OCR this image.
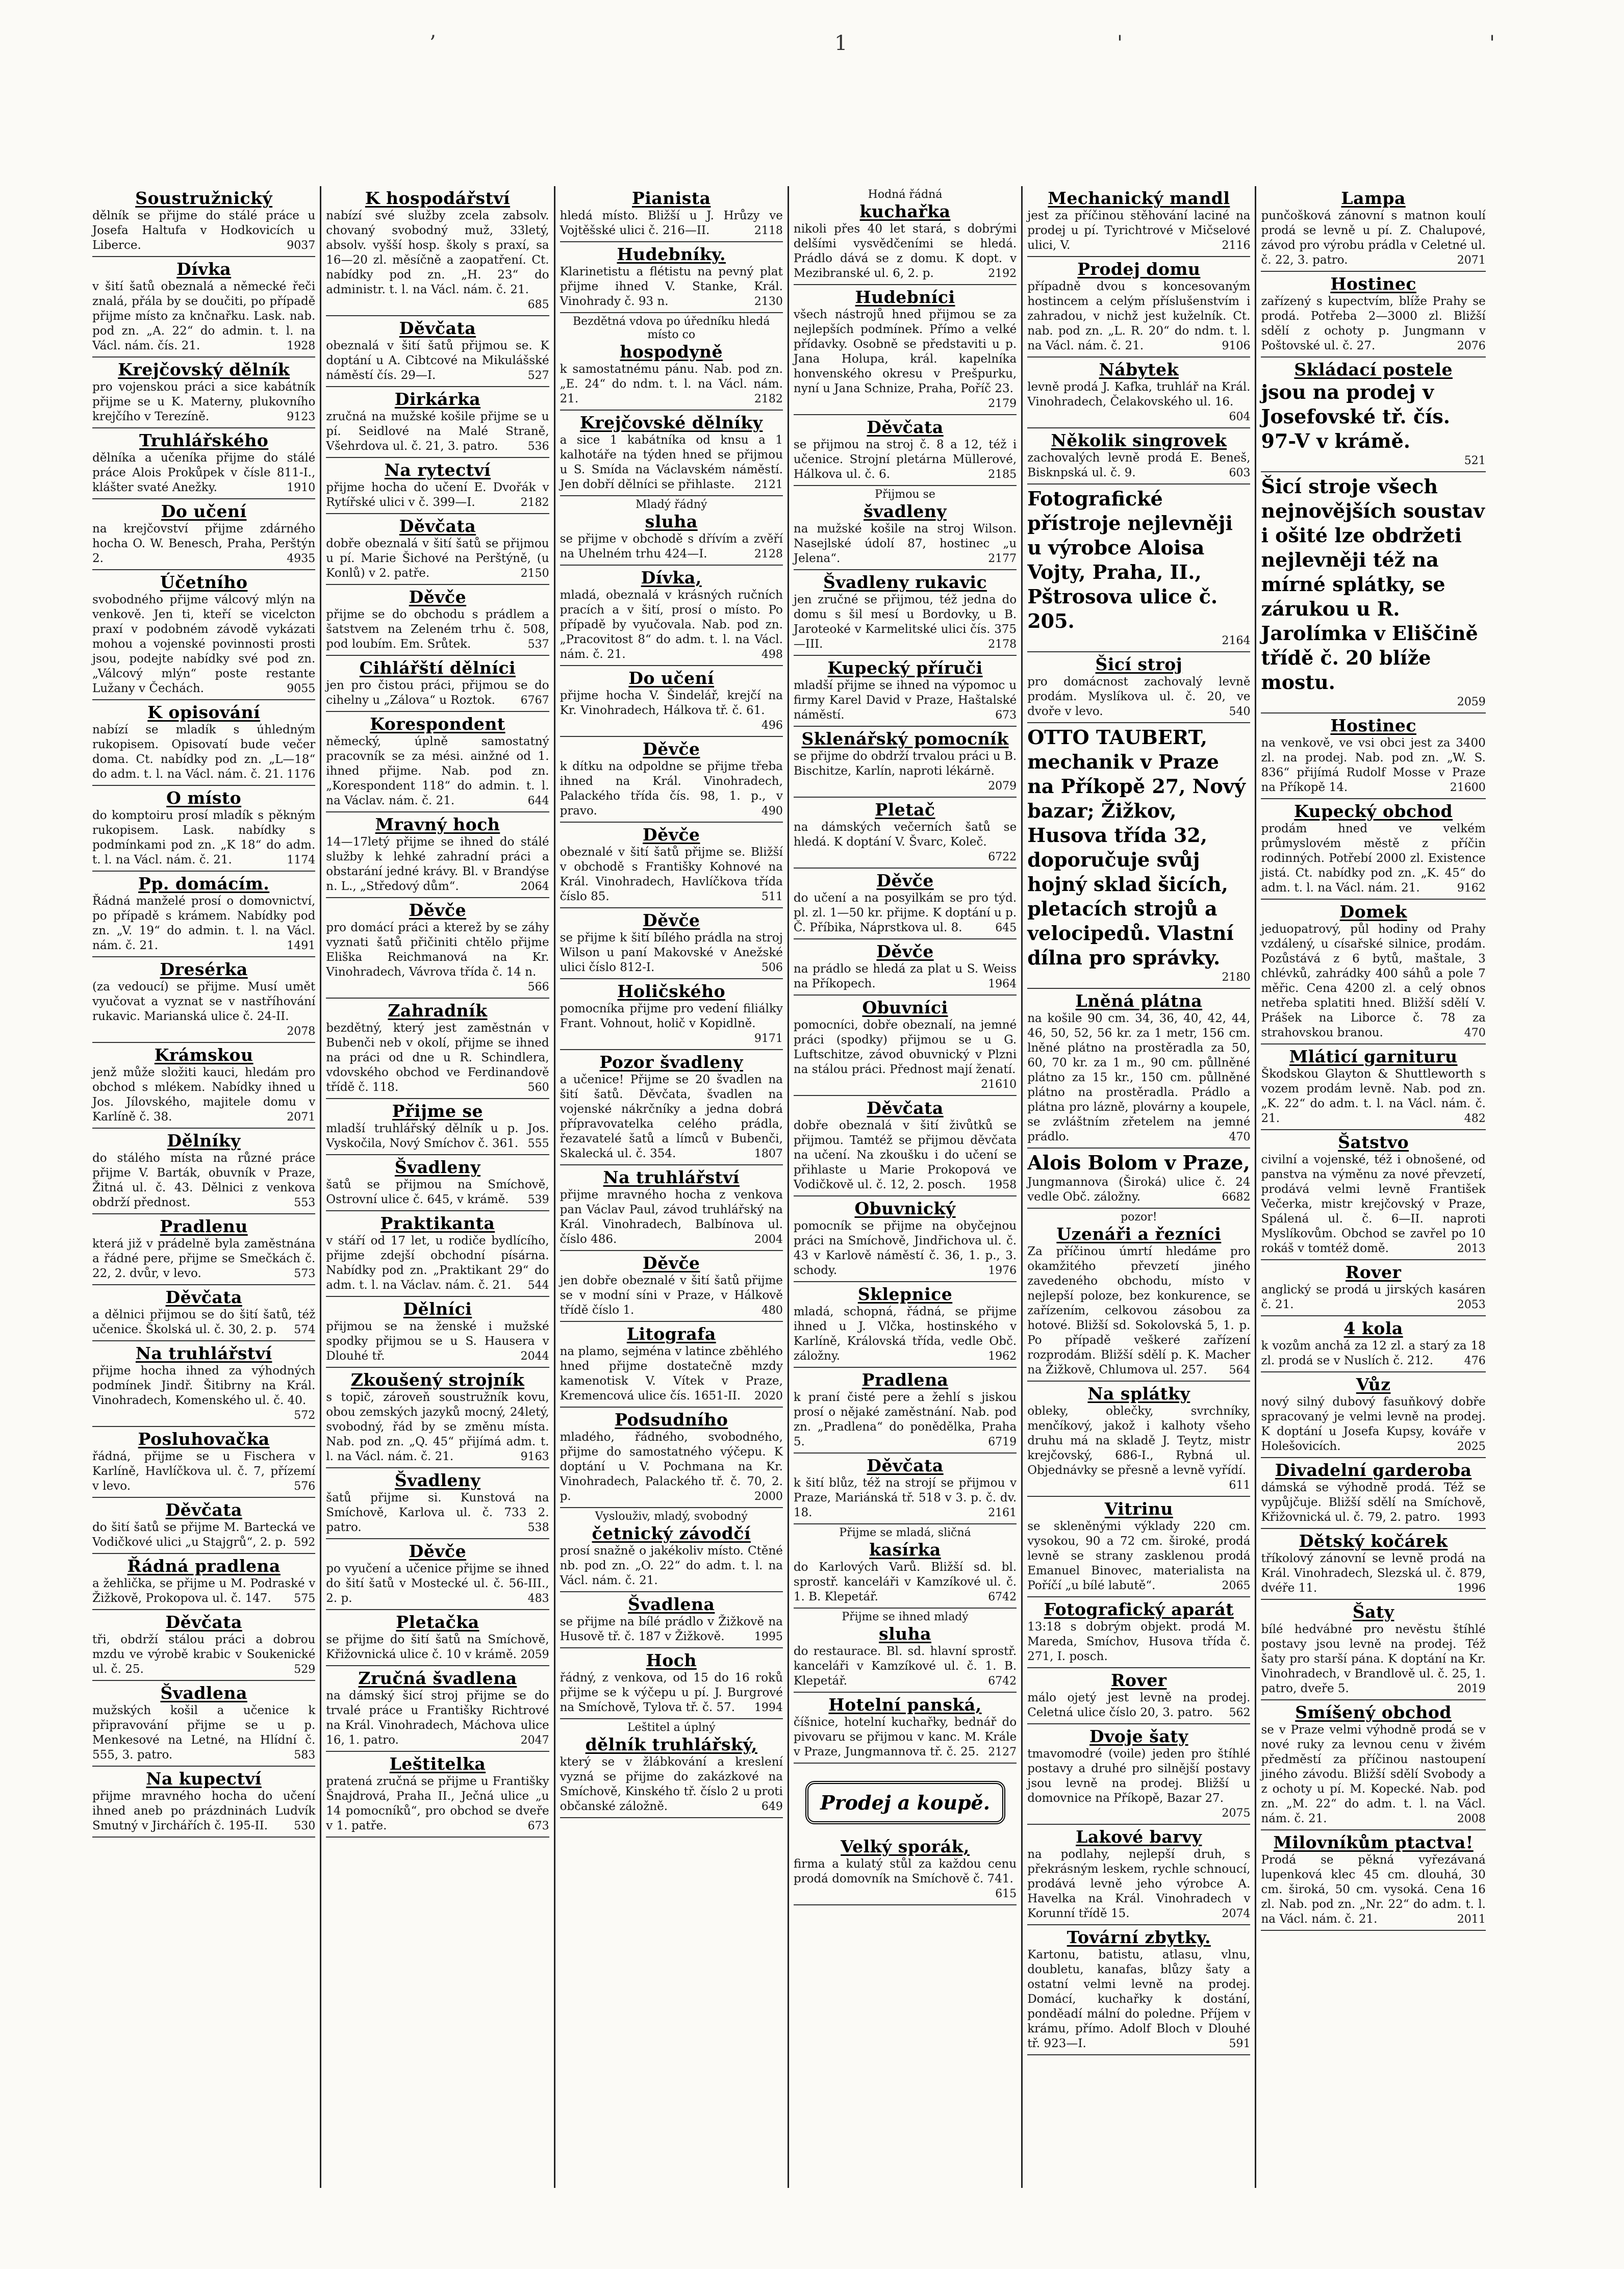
’	1	'	'
Soustružnický
dělník se přijme do stálé práce u Josefa Haltufa v Hodkovicích u Liberce.	9037
Dívka
v šití šatů obeznalá a německé řeči znalá, přála by se doučiti, po případě přijme místo za knčnařku. Lask. nab. pod zn. „A. 22“ do admin. t. l. na Václ. nám. čís. 21.	1928
Krejčovský dělník
pro vojenskou práci a sice kabátník přijme se u K. Materny, plukovního krejčího v Terezíně.	9123
Truhlářského
dělníka a učeníka přijme do stálé práce Alois Prokůpek v čísle 811-I., klášter svaté Anežky.	1910
Do učení
na krejčovství přijme zdárného hocha O. W. Benesch, Praha, Perštýn 2.	4935
Účetního
svobodného přijme válcový mlýn na venkově. Jen ti, kteří se vicelcton praxí v podobném závodě vykázati mohou a vojenské povinnosti prosti jsou, podejte nabídky své pod zn. „Válcový mlýn“ poste restante Lužany v Čechách.	9055
K opisování
nabízí se mladík s úhledným rukopisem. Opisovatí bude večer doma. Ct. nabídky pod zn. „L—18“ do adm. t. l. na Václ. nám. č. 21. 1176
O místo
do komptoiru prosí mladík s pěkným rukopisem. Lask. nabídky s podmínkami pod zn. „K 18“ do adm. t. l. na Václ. nám. č. 21.	1174
Pp. domácím.
Řádná manželé prosí o domovnictví, po případě s krámem. Nabídky pod zn. „V. 19“ do admin. t. l. na Václ. nám. č. 21.	1491
Dresérka
(za vedoucí) se přijme. Musí umět vyučovat a vyznat se v nastříhování rukavic. Marianská ulice č. 24-II.
2078
Krámskou
jenž může složiti kauci, hledám pro obchod s mlékem. Nabídky ihned u Jos. Jílovského, majitele domu v Karlíně č. 38.	2071
Dělníky
do stálého místa na různé práce přijme V. Barták, obuvník v Praze, Žitná ul. č. 43. Dělnici z venkova obdrží přednost.	553
Pradlenu
která již v prádelně byla zaměstnána a řádné pere, přijme se Smečkách č. 22, 2. dvůr, v levo.	573
Děvčata
a dělnici přijmou se do šití šatů, též učenice. Školská ul. č. 30, 2. p. 574
Na truhlářství
přijme hocha ihned za výhodných podmínek Jindř. Šitibrny na Král. Vinohradech, Komenského ul. č. 40.
572
Posluhovačka
řádná, přijme se u Fischera v Karlíně, Havlíčkova ul. č. 7, přízemí v levo.	576
Děvčata
do šití šatů se přijme M. Bartecká ve Vodičkové ulici „u Stajgrů“, 2. p. 592
Řádná pradlena
a žehlička, se přijme u M. Podraské v Žižkově, Prokopova ul. č. 147. 575
Děvčata
tři, obdrží stálou práci a dobrou mzdu ve výrobě krabic v Soukenické ul. č. 25.	529
Švadlena
mužských košil a učenice k připravování přijme se u p. Menkesové na Letné, na Hlídní č. 555, 3. patro.	583
Na kupectví
přijme mravného hocha do učení ihned aneb po prázdninách Ludvík Smutný v Jirchářích č. 195-II. 530
K hospodářství
nabízí své služby zcela zabsolv. chovaný svobodný muž, 33letý, absolv. vyšší hosp. školy s praxí, sa 16—20 zl. měsíčně a zaopatření. Ct. nabídky pod zn. „H. 23“ do administr. t. l. na Václ. nám. č. 21.
685
Děvčata
obeznalá v šití šatů přijmou se. K doptání u A. Cibtcové na Mikulášské náměstí čís. 29—I.	527
Dirkárka
zručná na mužské košile přijme se u pí. Seidlové na Malé Straně, Všehrdova ul. č. 21, 3. patro.	536
Na rytectví
přijme hocha do učení E. Dvořák v Rytířské ulici v č. 399—I.	2182
Děvčata
dobře obeznalá v šití šatů se přijmou u pí. Marie Šichové na Perštýně, (u Konlů) v 2. patře.	2150
Děvče
přijme se do obchodu s prádlem a šatstvem na Zeleném trhu č. 508, pod loubím. Em. Srůtek.	537
Cihlářští dělníci
jen pro čistou práci, přijmou se do cihelny u „Zálova“ u Roztok. 6767
Korespondent
německý, úplně samostatný pracovník se za mési. ainžné od 1. ihned přijme. Nab. pod zn. „Korespondent 118“ do admin. t. l. na Václav. nám. č. 21.	644
Mravný hoch
14—17letý přijme se ihned do stálé služby k lehké zahradní práci a obstarání jedné krávy. Bl. v Brandýse n. L., „Středový dům“.	2064
Děvče
pro domácí práci a kterež by se záhy vyznati šatů přičiniti chtělo přijme Eliška Reichmanová na Kr. Vinohradech, Vávrova třída č. 14 n.
566
Zahradník
bezdětný, který jest zaměstnán v Bubenči neb v okolí, přijme se ihned na práci od dne u R. Schindlera, vdovského obchod ve Ferdinandově třídě č. 118.	560
Přijme se
mladší truhlářský dělník u p. Jos. Vyskočila, Nový Smíchov č. 361. 555
Švadleny
šatů se přijmou na Smíchově, Ostrovní ulice č. 645, v krámě. 539
Praktikanta
v stáří od 17 let, u rodiče bydlícího, přijme zdejší obchodní písárna. Nabídky pod zn. „Praktikant 29“ do adm. t. l. na Václav. nám. č. 21. 544
Dělníci
přijmou se na ženské i mužské spodky přijmou se u S. Hausera v Dlouhé tř.	2044
Zkoušený strojník
s topič, zároveň soustružník kovu, obou zemských jazyků mocný, 24letý, svobodný, řád by se změnu místa. Nab. pod zn. „Q. 45“ přijímá adm. t. l. na Václ. nám. č. 21.	9163
Švadleny
šatů přijme si. Kunstová na Smíchově, Karlova ul. č. 733 2. patro.	538
Děvče
po vyučení a učenice přijme se ihned do šití šatů v Mostecké ul. č. 56-III., 2. p.	483
Pletačka
se přijme do šití šatů na Smíchově, Křižovnická ulice č. 10 v krámě. 2059
Zručná švadlena
na dámský šicí stroj přijme se do trvalé práce u Františky Richtrové na Král. Vinohradech, Máchova ulice 16, 1. patro.	2047
Leštitelka
pratená zručná se přijme u Františky Šnajdrová, Praha II., Ječná ulice „u 14 pomocníků“, pro obchod se dveře v 1. patře.	673
Pianista
hledá místo. Bližší u J. Hrůzy ve Vojtěšské ulici č. 216—II.	2118
Hudebníky.
Klarinetistu a flétistu na pevný plat přijme ihned V. Stanke, Král. Vinohrady č. 93 n.	2130
Bezdětná vdova po úředníku hledá místo co
hospodyně
k samostatnému pánu. Nab. pod zn. „E. 24“ do ndm. t. l. na Václ. nám. 21.	2182
Krejčovské dělníky
a sice 1 kabátníka od knsu a 1 kalhotáře na týden hned se přijmou u S. Smída na Václavském náměstí. Jen dobří dělníci se přihlaste. 2121
Mladý řádný
sluha
se přijme v obchodě s dřívím a zvěří na Uhelném trhu 424—I.	2128
Dívka,
mladá, obeznalá v krásných ručních pracích a v šití, prosí o místo. Po případě by vyučovala. Nab. pod zn. „Pracovitost 8“ do adm. t. l. na Václ. nám. č. 21.	498
Do učení
přijme hocha V. Šindelář, krejčí na Kr. Vinohradech, Hálkova tř. č. 61.
496
Děvče
k dítku na odpoldne se přijme třeba ihned na Král. Vinohradech, Palackého třída čís. 98, 1. p., v pravo.	490
Děvče
obeznalé v šití šatů přijme se. Bližší v obchodě s Františky Kohnové na Král. Vinohradech, Havlíčkova třída číslo 85.	511
Děvče
se přijme k šití bílého prádla na stroj Wilson u paní Makovské v Anežské ulici číslo 812-I.	506
Holičského
pomocníka přijme pro vedení filiálky Frant. Vohnout, holič v Kopidlně.
9171
Pozor švadleny
a učenice! Přijme se 20 švadlen na šití šatů. Děvčata, švadlen na vojenské nákrčníky a jedna dobrá přípravovatelka celého prádla, řezavatelé šatů a límců v Bubenči, Skalecká ul. č. 354.	1807
Na truhlářství
přijme mravného hocha z venkova pan Václav Paul, závod truhlářský na Král. Vinohradech, Balbínova ul. číslo 486.	2004
Děvče
jen dobře obeznalé v šití šatů přijme se v modní síni v Praze, v Hálkově třídě číslo 1.	480
Litografa
na plamo, sejména v latince zběhlého hned přijme dostatečně mzdy kamenotisk V. Vítek v Praze, Kremencová ulice čís. 1651-II. 2020
Podsudního
mladého, řádného, svobodného, přijme do samostatného výčepu. K doptání u V. Pochmana na Kr. Vinohradech, Palackého tř. č. 70, 2. p.	2000
Vyslouživ, mladý, svobodný
četnický závodčí
prosí snažně o jakékoliv místo. Ctěné nb. pod zn. „O. 22“ do adm. t. l. na Václ. nám. č. 21.
Švadlena
se přijme na bílé prádlo v Žižkově na Husově tř. č. 187 v Žižkově.	1995
Hoch
řádný, z venkova, od 15 do 16 roků přijme se k výčepu u pí. J. Burgrové na Smíchově, Tylova tř. č. 57. 1994
Leštitel a úplný
dělník truhlářský,
který se v žlábkování a kreslení vyzná se přijme do zakázkové na Smíchově, Kinského tř. číslo 2 u proti občanské záložně.	649
Hodná řádná
kuchařka
nikoli přes 40 let stará, s dobrými delšími vysvědčeními se hledá. Prádlo dává se z domu. K dopt. v Mezibranské ul. 6, 2. p.	2192
Hudebníci
všech nástrojů hned přijmou se za nejlepších podmínek. Přímo a velké přídavky. Osobně se představiti u p. Jana Holupa, král. kapelníka honvenského okresu v Prešpurku, nyní u Jana Schnize, Praha, Poříč 23.
2179
Děvčata
se přijmou na stroj č. 8 a 12, též i učenice. Strojní pletárna Müllerové, Hálkova ul. č. 6.	2185
Přijmou se
švadleny
na mužské košile na stroj Wilson. Nasejlské údolí 87, hostinec „u Jelena“.	2177
Švadleny rukavic
jen zručné se přijmou, též jedna do domu s šil mesí u Bordovky, u B. Jaroteoké v Karmelitské ulici čís. 375—III.	2178
Kupecký příruči
mladší přijme se ihned na výpomoc u firmy Karel David v Praze, Haštalské náměstí.	673
Sklenářský pomocník
se přijme do obdrží trvalou práci u B. Bischitze, Karlín, naproti lékárně.
2079
Pletač
na dámských večerních šatů se hledá. K doptání V. Švarc, Koleč.
6722
Děvče
do učení a na posyilkám se pro týd. pl. zl. 1—50 kr. přijme. K doptání u p. Č. Příbika, Náprstkova ul. 8.	645
Děvče
na prádlo se hledá za plat u S. Weiss na Příkopech.	1964
Obuvníci
pomocníci, dobře obeznalí, na jemné práci (spodky) přijmou se u G. Luftschitze, závod obuvnický v Plzni na stálou práci. Přednost mají ženatí.
21610
Děvčata
dobře obeznalá v šití živůtků se přijmou. Tamtéž se přijmou děvčata na učení. Na zkoušku i do učení se přihlaste u Marie Prokopová ve Vodičkově ul. č. 12, 2. posch. 1958
Obuvnický
pomocník se přijme na obyčejnou práci na Smíchově, Jindřichova ul. č. 43 v Karlově náměstí č. 36, 1. p., 3. schody.	1976
Sklepnice
mladá, schopná, řádná, se přijme ihned u J. Vlčka, hostinského v Karlíně, Královská třída, vedle Obč. záložny.	1962
Pradlena
k praní čisté pere a žehlí s jiskou prosí o nějaké zaměstnání. Nab. pod zn. „Pradlena“ do ponědělka, Praha 5.	6719
Děvčata
k šití blůz, též na strojí se přijmou v Praze, Mariánská tř. 518 v 3. p. č. dv. 18.	2161
Přijme se mladá, sličná
kasírka
do Karlových Varů. Bližší sd. bl. sprostř. kanceláři v Kamzíkové ul. č. 1. B. Klepetář.	6742
Přijme se ihned mladý
sluha
do restaurace. Bl. sd. hlavní sprostř. kanceláři v Kamzíkové ul. č. 1. B. Klepetář.	6742
Hotelní panská,
číšnice, hotelní kuchařky, bednář do pivovaru se přijmou v kanc. M. Krále v Praze, Jungmannova tř. č. 25. 2127
Prodej a koupě.
Velký sporák,
firma a kulatý stůl za každou cenu prodá domovník na Smíchově č. 741.
615
Mechanický mandl
jest za příčinou stěhování laciné na prodej u pí. Tyrichtrové v Mičselové ulici, V.	2116
Prodej domu
případně dvou s koncesovaným hostincem a celým příslušenstvím i zahradou, v nichž jest kuželník. Ct. nab. pod zn. „L. R. 20“ do ndm. t. l. na Václ. nám. č. 21.	9106
Nábytek
levně prodá J. Kafka, truhlář na Král. Vinohradech, Čelakovského ul. 16.
604
Několik singrovek
zachovalých levně prodá E. Beneš, Bisknpská ul. č. 9.	603
Fotografické přístroje nejlevněji u výrobce Aloisa Vojty, Praha, II., Pštrosova ulice č. 205.
2164
Šicí stroj
pro domácnost zachovalý levně prodám. Myslíkova ul. č. 20, ve dvoře v levo.	540
OTTO TAUBERT, mechanik v Praze na Příkopě 27, Nový bazar; Žižkov, Husova třída 32, doporučuje svůj hojný sklad šicích, pletacích strojů a velocipedů. Vlastní dílna pro správky.
2180
Lněná plátna
na košile 90 cm. 34, 36, 40, 42, 44, 46, 50, 52, 56 kr. za 1 metr, 156 cm. lněné plátno na prostěradla za 50, 60, 70 kr. za 1 m., 90 cm. půllněné plátno za 15 kr., 150 cm. půllněné plátno na prostěradla. Prádlo a plátna pro lázně, plovárny a koupele, se zvláštním zřetelem na jemné prádlo.	470
Alois Bolom v Praze,
Jungmannova (Široká) ulice č. 24 vedle Obč. záložny.	6682
pozor!
Uzenáři a řezníci
Za příčinou úmrtí hledáme pro okamžitého převzetí jiného zavedeného obchodu, místo v nejlepší poloze, bez konkurence, se zařízením, celkovou zásobou za hotové. Bližší sd. Sokolovská 5, 1. p. Po případě veškeré zařízení rozprodám. Bližší sdělí p. K. Macher na Žižkově, Chlumova ul. 257. 564
Na splátky
obleky, oblečky, svrchníky, menčíkový, jakož i kalhoty všeho druhu má na skladě J. Teytz, mistr krejčovský, 686-I., Rybná ul. Objednávky se přesně a levně vyřídí.
611
Vitrinu
se skleněnými výklady 220 cm. vysokou, 90 a 72 cm. široké, prodá levně se strany zasklenou prodá Emanuel Binovec, materialista na Poříčí „u bílé labutě“.	2065
Fotografický aparát
13:18 s dobrým objekt. prodá M. Mareda, Smíchov, Husova třída č. 271, I. posch.
Rover
málo ojetý jest levně na prodej. Celetná ulice číslo 20, 3. patro. 562
Dvoje šaty
tmavomodré (voile) jeden pro štíhlé postavy a druhé pro silnější postavy jsou levně na prodej. Bližší u domovnice na Příkopě, Bazar 27.
2075
Lakové barvy
na podlahy, nejlepší druh, s překrásným leskem, rychle schnoucí, prodává levně jeho výrobce A. Havelka na Král. Vinohradech v Korunní třídě 15.	2074
Tovární zbytky.
Kartonu, batistu, atlasu, vlnu, doubletu, kanafas, blůzy šaty a ostatní velmi levně na prodej. Domácí, kuchařky k dostání, ponděadí mální do poledne. Příjem v krámu, přímo. Adolf Bloch v Dlouhé tř. 923—I.	591
Lampa
punčošková zánovní s matnon koulí prodá se levně u pí. Z. Chalupové, závod pro výrobu prádla v Celetné ul. č. 22, 3. patro.	2071
Hostinec
zařízený s kupectvím, blíže Prahy se prodá. Potřeba 2—3000 zl. Bližší sdělí z ochoty p. Jungmann v Poštovské ul. č. 27.	2076
Skládací postele
jsou na prodej v Josefovské tř. čís. 97-V v krámě.
521
Šicí stroje všech nejnovějších soustav i ošité lze obdržeti nejlevněji též na mírné splátky, se zárukou u R. Jarolímka v Eliščině třídě č. 20 blíže mostu.
2059
Hostinec
na venkově, ve vsi obci jest za 3400 zl. na prodej. Nab. pod zn. „W. S. 836“ přijímá Rudolf Mosse v Praze na Příkopě 14.	21600
Kupecký obchod
prodám hned ve velkém průmyslovém městě z příčin rodinných. Potřebí 2000 zl. Existence jistá. Ct. nabídky pod zn. „K. 45“ do adm. t. l. na Václ. nám. 21.	9162
Domek
jeduopatrový, půl hodiny od Prahy vzdálený, u císařské silnice, prodám. Pozůstává z 6 bytů, maštale, 3 chlévků, zahrádky 400 sáhů a pole 7 měřic. Cena 4200 zl. a celý obnos netřeba splatiti hned. Bližší sdělí V. Prášek na Liborce č. 78 za strahovskou branou.	470
Mláticí garnituru
Škodskou Glayton & Shuttleworth s vozem prodám levně. Nab. pod zn. „K. 22“ do adm. t. l. na Václ. nám. č. 21.	482
Šatstvo
civilní a vojenské, též i obnošené, od panstva na výměnu za nové převzetí, prodává velmi levně František Večerka, mistr krejčovský v Praze, Spálená ul. č. 6—II. naproti Myslíkovům. Obchod se zavřel po 10 rokáš v tomtéž domě.	2013
Rover
anglický se prodá u jirských kasáren č. 21.	2053
4 kola
k vozům anchá za 12 zl. a starý za 18 zl. prodá se v Nuslích č. 212.	476
Vůz
nový silný dubový fasuňkový dobře spracovaný je velmi levně na prodej. K doptání u Josefa Kupsy, kováře v Holešovicích.	2025
Divadelní garderoba
dámská se výhodně prodá. Též se vypůjčuje. Bližší sdělí na Smíchově, Křižovnická ul. č. 79, 2. patro. 1993
Dětský kočárek
tříkolový zánovní se levně prodá na Král. Vinohradech, Slezská ul. č. 879, dvéře 11.	1996
Šaty
bílé hedvábné pro nevěstu štíhlé postavy jsou levně na prodej. Též šaty pro starší pána. K doptání na Kr. Vinohradech, v Brandlově ul. č. 25, 1. patro, dveře 5.	2019
Smíšený obchod
se v Praze velmi výhodně prodá se v nové ruky za levnou cenu v živém předměstí za příčinou nastoupení jiného závodu. Bližší sdělí Svobody a z ochoty u pí. M. Kopecké. Nab. pod zn. „M. 22“ do adm. t. l. na Václ. nám. č. 21.	2008
Milovníkům ptactva!
Prodá se pěkná vyřezávaná lupenková klec 45 cm. dlouhá, 30 cm. široká, 50 cm. vysoká. Cena 16 zl. Nab. pod zn. „Nr. 22“ do adm. t. l. na Václ. nám. č. 21.	2011
